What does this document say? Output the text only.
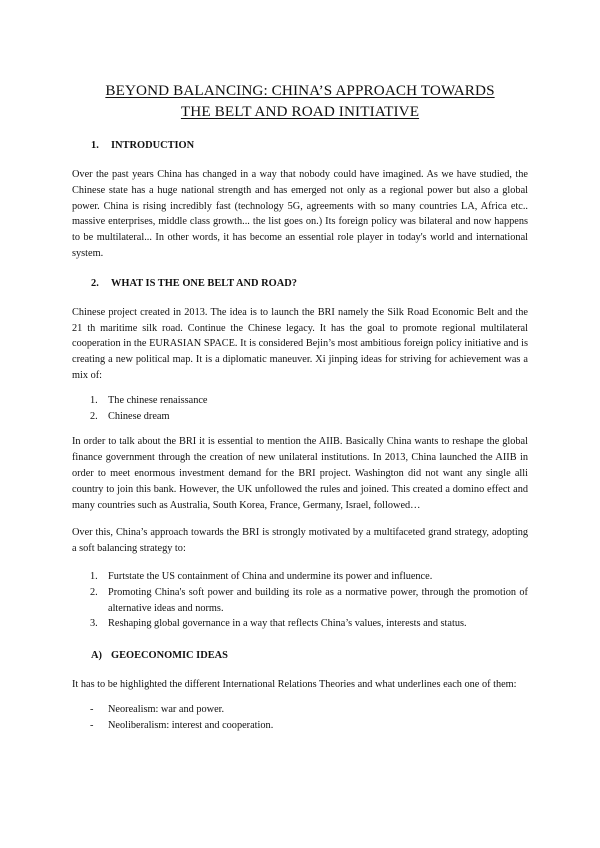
BEYOND BALANCING: CHINA’S APPROACH TOWARDS
THE BELT AND ROAD INITIATIVE
1.	INTRODUCTION

Over the past years China has changed in a way that nobody could have imagined. As we have studied, the Chinese state has a huge national strength and has emerged not only as a regional power but also a global power. China is rising incredibly fast (technology 5G, agreements with so many countries LA, Africa etc.. massive enterprises, middle class growth... the list goes on.) Its foreign policy was bilateral and now happens to be multilateral... In other words, it has become an essential role player in today's world and international system.

2.	WHAT IS THE ONE BELT AND ROAD?

Chinese project created in 2013. The idea is to launch the BRI namely the Silk Road Economic Belt and the 21 th maritime silk road. Continue the Chinese legacy. It has the goal to promote regional multilateral cooperation in the EURASIAN SPACE. It is considered Bejin’s most ambitious foreign policy initiative and is creating a new political map. It is a diplomatic maneuver. Xi jinping ideas for striving for achievement was a mix of:

1. The chinese renaissance
2. Chinese dream

In order to talk about the BRI it is essential to mention the AIIB. Basically China wants to reshape the global finance government through the creation of new unilateral institutions. In 2013, China launched the AIIB in order to meet enormous investment demand for the BRI project. Washington did not want any single alli country to join this bank. However, the UK unfollowed the rules and joined. This created a domino effect and many countries such as Australia, South Korea, France, Germany, Israel, followed…

Over this, China’s approach towards the BRI is strongly motivated by a multifaceted grand strategy, adopting a soft balancing strategy to:

1. Furtstate the US containment of China and undermine its power and influence.
2. Promoting China's soft power and building its role as a normative power, through the promotion of alternative ideas and norms.
3. Reshaping global governance in a way that reflects China’s values, interests and status.
A) GEOECONOMIC IDEAS

It has to be highlighted the different International Relations Theories and what underlines each one of them:

-	Neorealism: war and power.
-	Neoliberalism: interest and cooperation.
